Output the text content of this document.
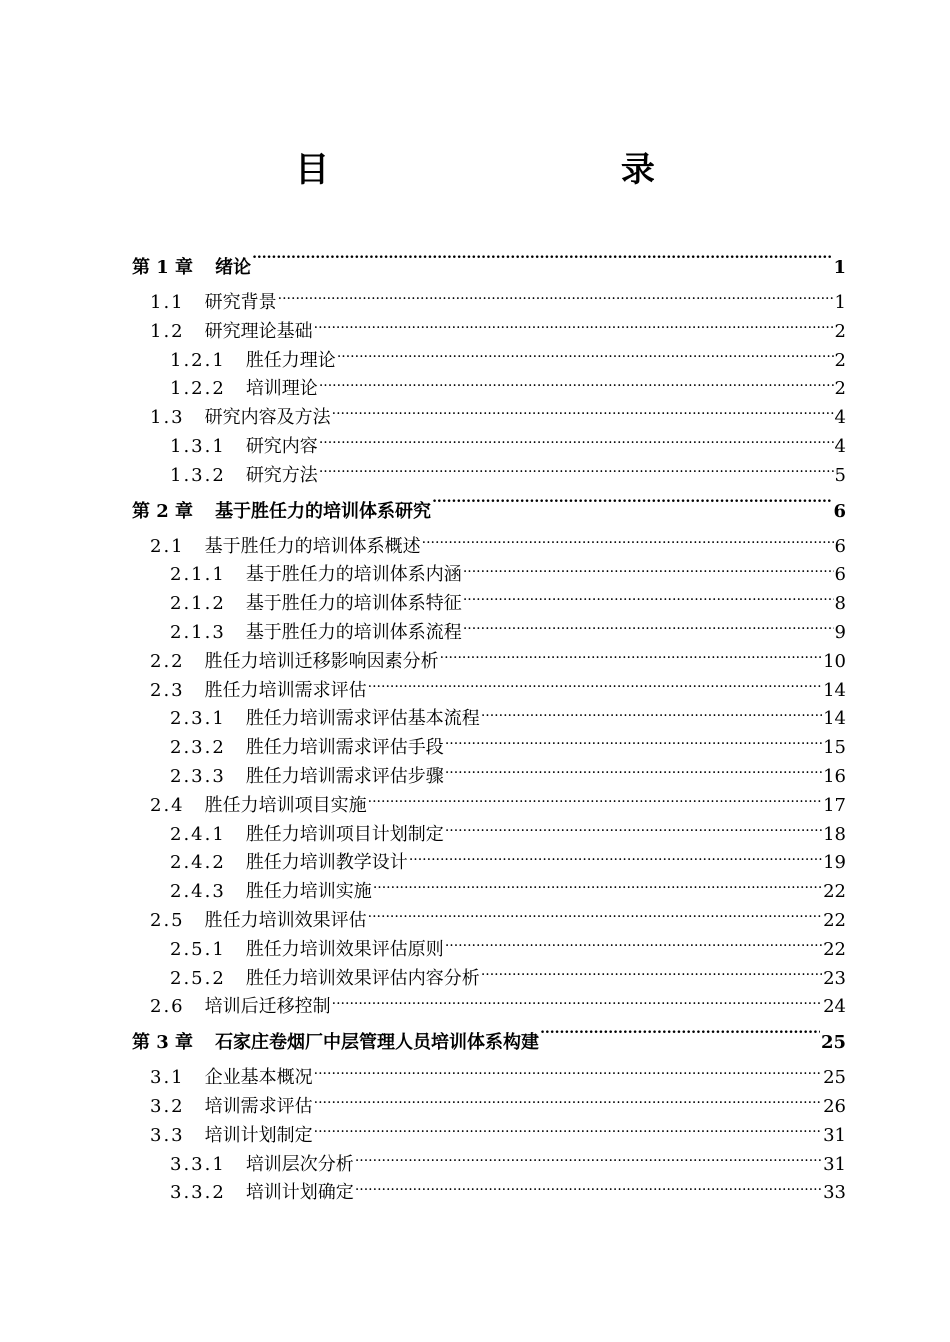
目 录
第 1 章 绪论 .....	1
1.1 研究背景 .....	1
1.2 研究理论基础 .....	2
1.2.1 胜任力理论 .....	2
1.2.2 培训理论 .....	2
1.3 研究内容及方法 .....	4
1.3.1 研究内容 .....	4
1.3.2 研究方法 .....	5
第 2 章 基于胜任力的培训体系研究 .....	6
2.1 基于胜任力的培训体系概述 .....	6
2.1.1 基于胜任力的培训体系内涵 .....	6
2.1.2 基于胜任力的培训体系特征 .....	8
2.1.3 基于胜任力的培训体系流程 .....	9
2.2 胜任力培训迁移影响因素分析 .....	10
2.3 胜任力培训需求评估 .....	14
2.3.1 胜任力培训需求评估基本流程 .....	14
2.3.2 胜任力培训需求评估手段 .....	15
2.3.3 胜任力培训需求评估步骤 .....	16
2.4 胜任力培训项目实施 .....	17
2.4.1 胜任力培训项目计划制定 .....	18
2.4.2 胜任力培训教学设计 .....	19
2.4.3 胜任力培训实施 .....	22
2.5 胜任力培训效果评估 .....	22
2.5.1 胜任力培训效果评估原则 .....	22
2.5.2 胜任力培训效果评估内容分析 .....	23
2.6 培训后迁移控制 .....	24
第 3 章 石家庄卷烟厂中层管理人员培训体系构建 .....	25
3.1 企业基本概况 .....	25
3.2 培训需求评估 .....	26
3.3 培训计划制定 .....	31
3.3.1 培训层次分析 .....	31
3.3.2 培训计划确定 .....	33
